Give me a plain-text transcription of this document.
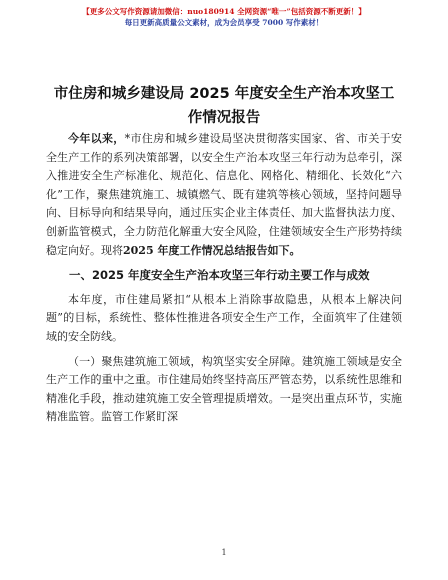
【更多公文写作资源请加微信：nuo180914 全网资源“唯一”包括资源不断更新！】
每日更新高质量公文素材，成为会员享受 7000 写作素材！
市住房和城乡建设局 2025 年度安全生产治本攻坚工作情况报告

今年以来，*市住房和城乡建设局坚决贯彻落实国家、省、市关于安全生产工作的系列决策部署，以安全生产治本攻坚三年行动为总牵引，深入推进安全生产标准化、规范化、信息化、网格化、精细化、长效化“六化”工作，聚焦建筑施工、城镇燃气、既有建筑等核心领域，坚持问题导向、目标导向和结果导向，通过压实企业主体责任、加大监督执法力度、创新监管模式，全力防范化解重大安全风险，住建领域安全生产形势持续稳定向好。现将2025 年度工作情况总结报告如下。

一、2025 年度安全生产治本攻坚三年行动主要工作与成效

本年度，市住建局紧扣“从根本上消除事故隐患，从根本上解决问题”的目标，系统性、整体性推进各项安全生产工作，全面筑牢了住建领域的安全防线。

（一）聚焦建筑施工领域，构筑坚实安全屏障。建筑施工领域是安全生产工作的重中之重。市住建局始终坚持高压严管态势，以系统性思维和精准化手段，推动建筑施工安全管理提质增效。一是突出重点环节，实施精准监管。监管工作紧盯深

1
